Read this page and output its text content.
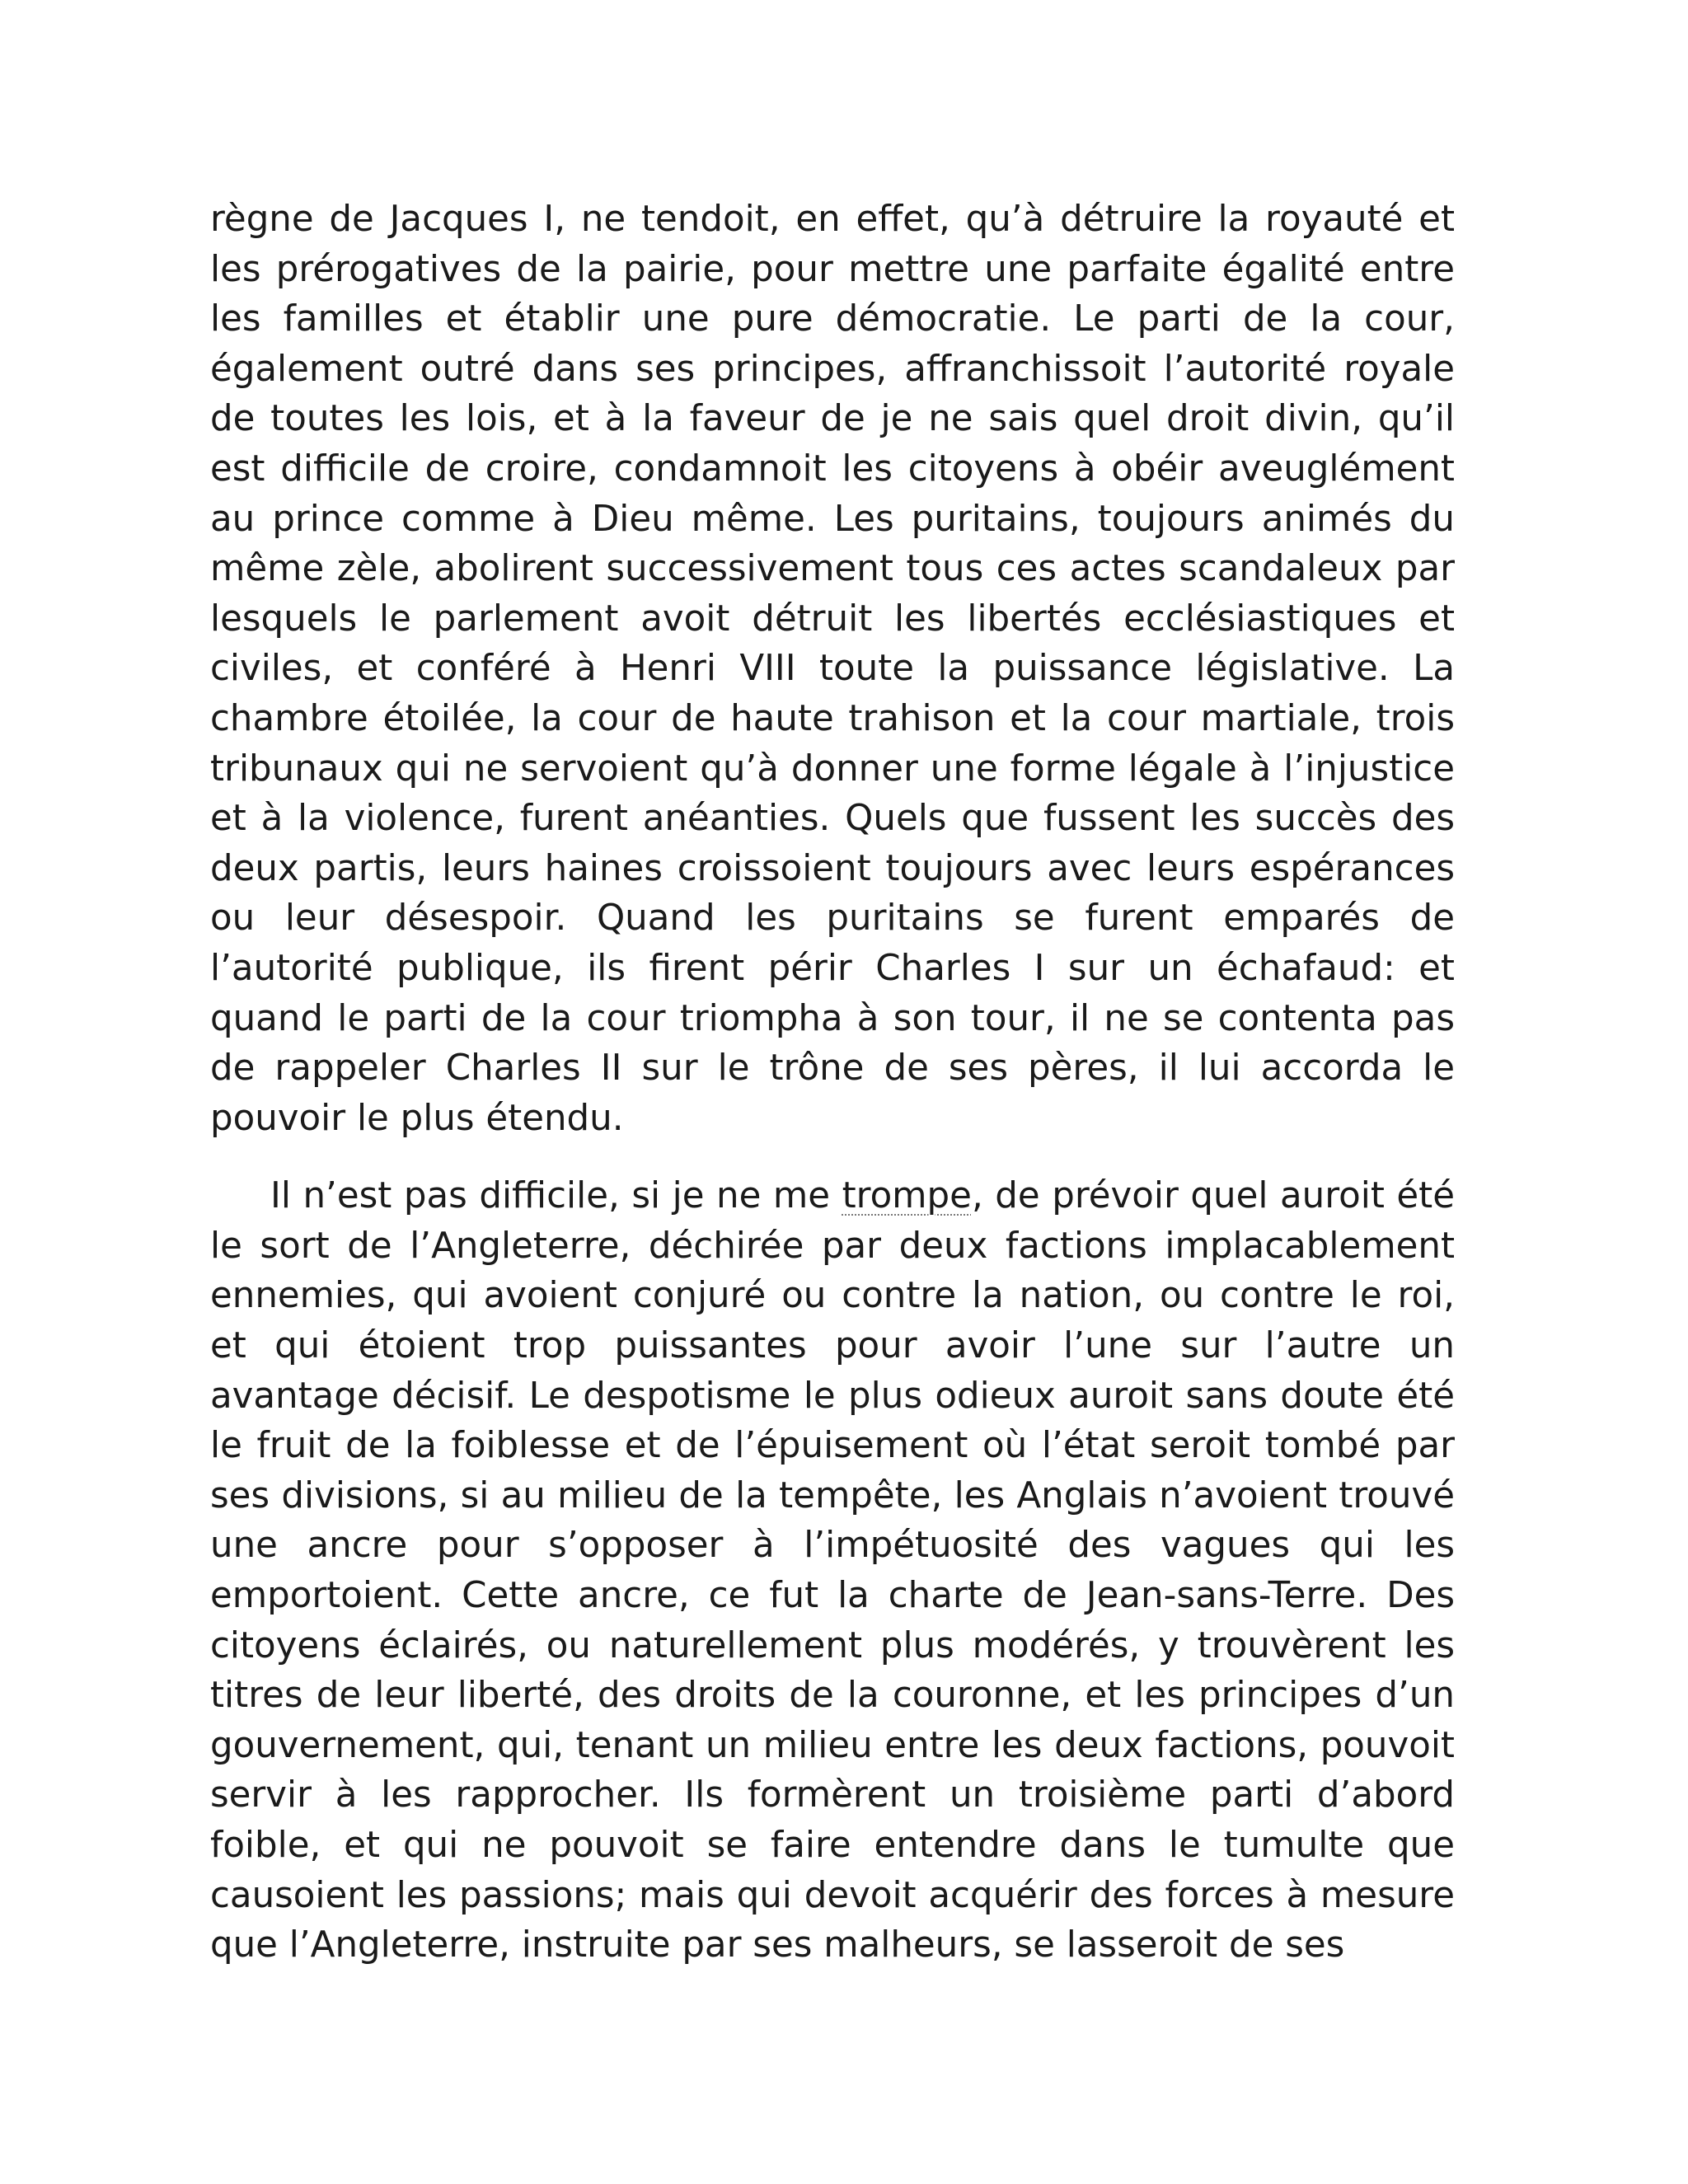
règne de Jacques I, ne tendoit, en effet, qu’à détruire la royauté et les prérogatives de la pairie, pour mettre une parfaite égalité entre les familles et établir une pure démocratie. Le parti de la cour, également outré dans ses principes, affranchissoit l’autorité royale de toutes les lois, et à la faveur de je ne sais quel droit divin, qu’il est difficile de croire, condamnoit les citoyens à obéir aveuglément au prince comme à Dieu même. Les puritains, toujours animés du même zèle, abolirent successivement tous ces actes scandaleux par lesquels le parlement avoit détruit les libertés ecclésiastiques et civiles, et conféré à Henri VIII toute la puissance législative. La chambre étoilée, la cour de haute trahison et la cour martiale, trois tribunaux qui ne servoient qu’à donner une forme légale à l’injustice et à la violence, furent anéanties. Quels que fussent les succès des deux partis, leurs haines croissoient toujours avec leurs espérances ou leur désespoir. Quand les puritains se furent emparés de l’autorité publique, ils firent périr Charles I sur un échafaud: et quand le parti de la cour triompha à son tour, il ne se contenta pas de rappeler Charles II sur le trône de ses pères, il lui accorda le pouvoir le plus étendu.

Il n’est pas difficile, si je ne me trompe, de prévoir quel auroit été le sort de l’Angleterre, déchirée par deux factions implacablement ennemies, qui avoient conjuré ou contre la nation, ou contre le roi, et qui étoient trop puissantes pour avoir l’une sur l’autre un avantage décisif. Le despotisme le plus odieux auroit sans doute été le fruit de la foiblesse et de l’épuisement où l’état seroit tombé par ses divisions, si au milieu de la tempête, les Anglais n’avoient trouvé une ancre pour s’opposer à l’impétuosité des vagues qui les emportoient. Cette ancre, ce fut la charte de Jean-sans-Terre. Des citoyens éclairés, ou naturellement plus modérés, y trouvèrent les titres de leur liberté, des droits de la couronne, et les principes d’un gouvernement, qui, tenant un milieu entre les deux factions, pouvoit servir à les rapprocher. Ils formèrent un troisième parti d’abord foible, et qui ne pouvoit se faire entendre dans le tumulte que causoient les passions; mais qui devoit acquérir des forces à mesure que l’Angleterre, instruite par ses malheurs, se lasseroit de ses
